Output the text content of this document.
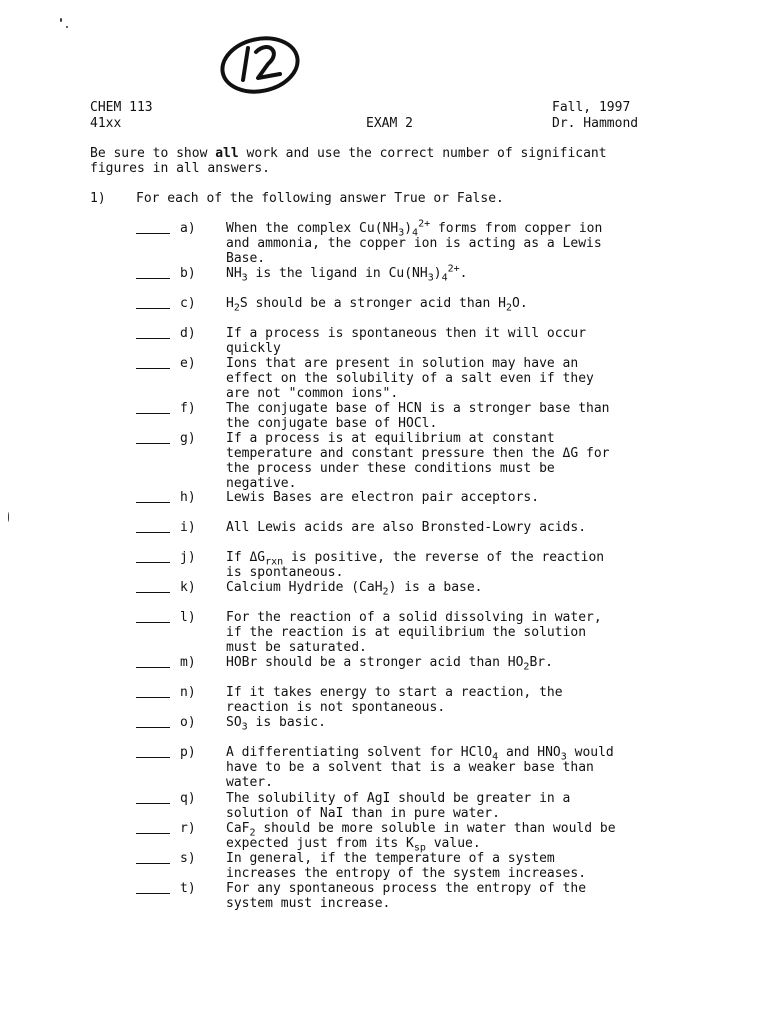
CHEM 113
41xx	EXAM 2
Fall, 1997
Dr. Hammond
Be sure to show all work and use the correct number of significant
figures in all answers.
1) For each of the following answer True or False.
a) When the complex $Cu(NH_3)_4^{2+}$ forms from copper ion
and ammonia, the copper ion is acting as a Lewis
Base.
b) $NH_3$ is the ligand in $Cu(NH_3)_4^{2+}$.
c) $H_2S$ should be a stronger acid than $H_2O$.
d) If a process is spontaneous then it will occur
quickly
e) Ions that are present in solution may have an
effect on the solubility of a salt even if they
are not "common ions".
f) The conjugate base of HCN is a stronger base than
the conjugate base of HOCl.
g) If a process is at equilibrium at constant
temperature and constant pressure then the ΔG for
the process under these conditions must be
negative.
h) Lewis Bases are electron pair acceptors.
i) All Lewis acids are also Bronsted-Lowry acids.
j) If $\Delta G_{rxn}$ is positive, the reverse of the reaction
is spontaneous.
k) Calcium Hydride (CaH$_2$) is a base.
l) For the reaction of a solid dissolving in water,
if the reaction is at equilibrium the solution
must be saturated.
m) HOBr should be a stronger acid than $HO_2Br$.
n) If it takes energy to start a reaction, the
reaction is not spontaneous.
o) $SO_3$ is basic.
p) A differentiating solvent for HClO$_4$ and $HNO_3$ would
have to be a solvent that is a weaker base than
water.
q) The solubility of AgI should be greater in a
solution of NaI than in pure water.
r) CaF$_2$ should be more soluble in water than would be
expected just from its $K_{sp}$ value.
s) In general, if the temperature of a system
increases the entropy of the system increases.
t) For any spontaneous process the entropy of the
system must increase.
